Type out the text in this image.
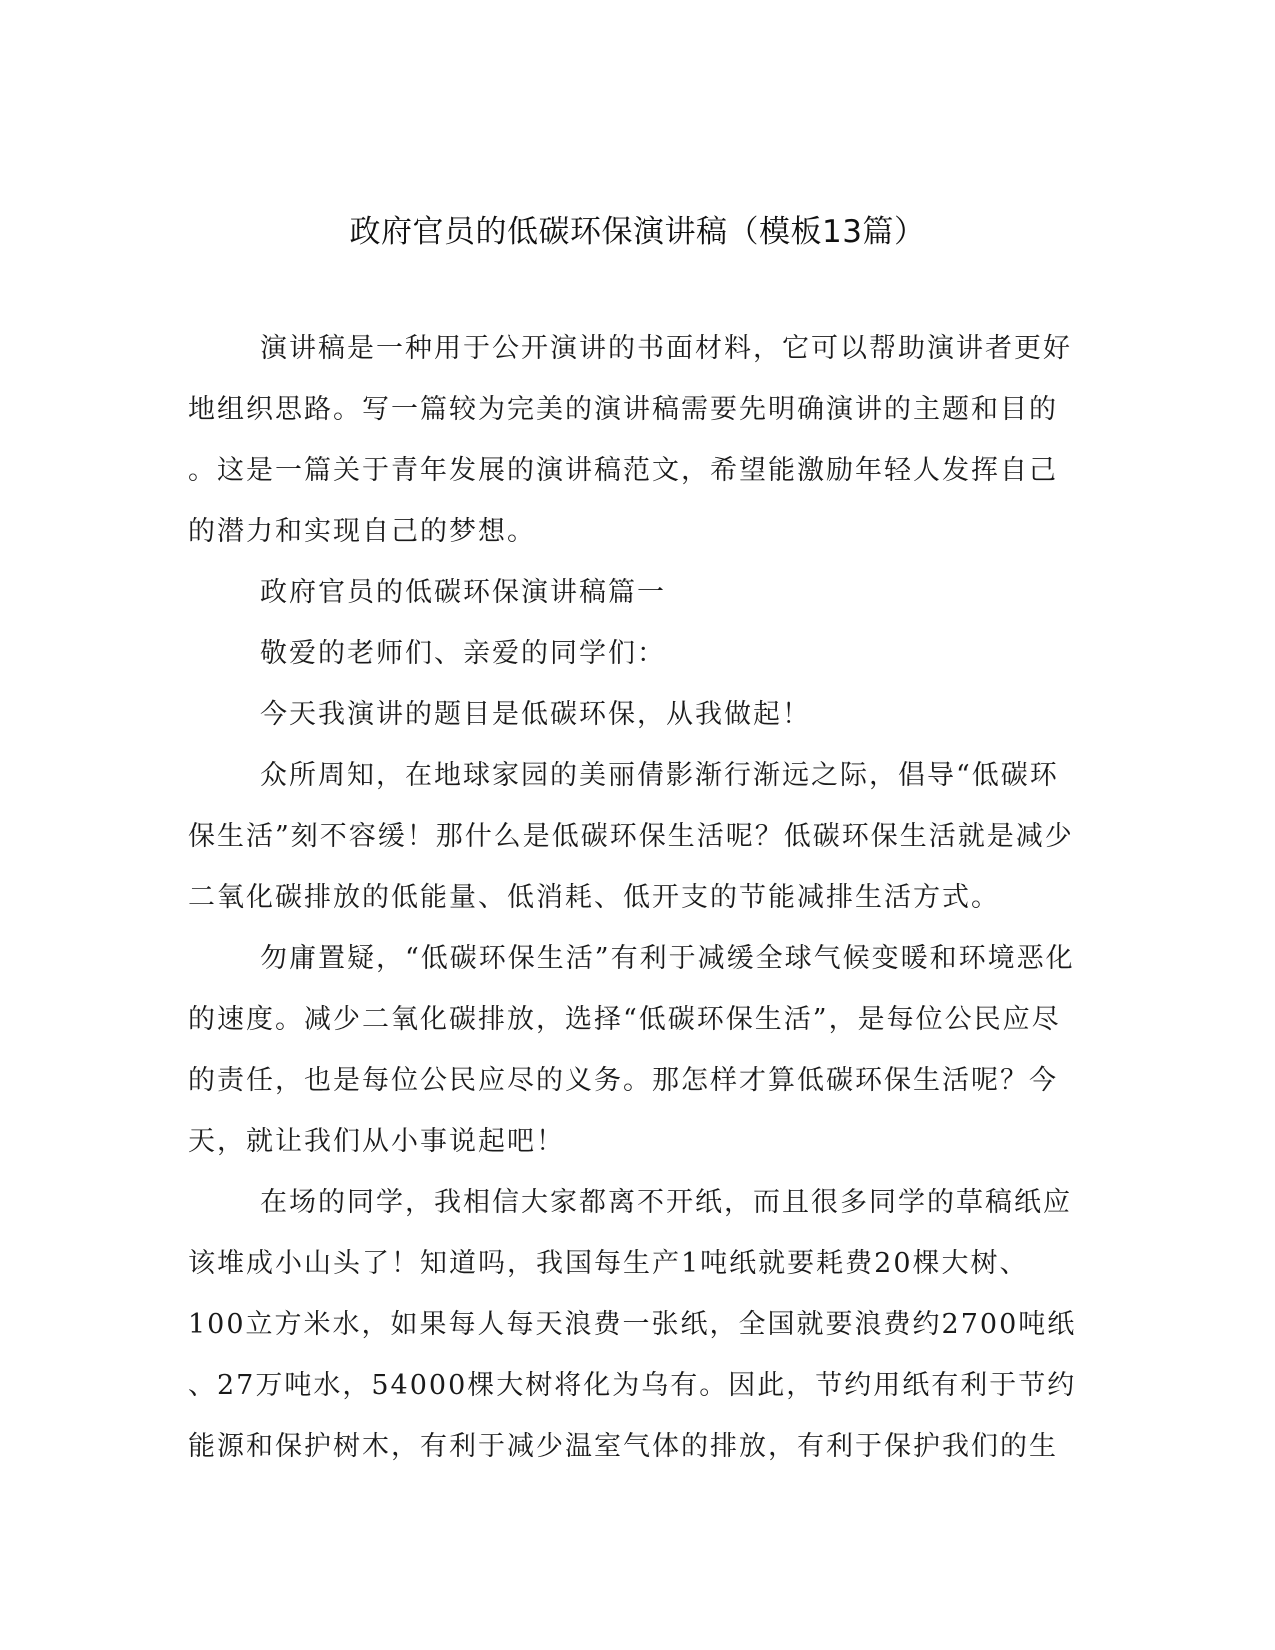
政府官员的低碳环保演讲稿（模板13篇）
演讲稿是一种用于公开演讲的书面材料，它可以帮助演讲者更好
地组织思路。写一篇较为完美的演讲稿需要先明确演讲的主题和目的
。这是一篇关于青年发展的演讲稿范文，希望能激励年轻人发挥自己
的潜力和实现自己的梦想。
政府官员的低碳环保演讲稿篇一
敬爱的老师们、亲爱的同学们：
今天我演讲的题目是低碳环保，从我做起！
众所周知，在地球家园的美丽倩影渐行渐远之际，倡导“低碳环
保生活”刻不容缓！那什么是低碳环保生活呢？低碳环保生活就是减少
二氧化碳排放的低能量、低消耗、低开支的节能减排生活方式。
勿庸置疑，“低碳环保生活”有利于减缓全球气候变暖和环境恶化
的速度。减少二氧化碳排放，选择“低碳环保生活”，是每位公民应尽
的责任，也是每位公民应尽的义务。那怎样才算低碳环保生活呢？今
天，就让我们从小事说起吧！
在场的同学，我相信大家都离不开纸，而且很多同学的草稿纸应
该堆成小山头了！知道吗，我国每生产1吨纸就要耗费20棵大树、
100立方米水，如果每人每天浪费一张纸，全国就要浪费约2700吨纸
、27万吨水，54000棵大树将化为乌有。因此，节约用纸有利于节约
能源和保护树木，有利于减少温室气体的排放，有利于保护我们的生
